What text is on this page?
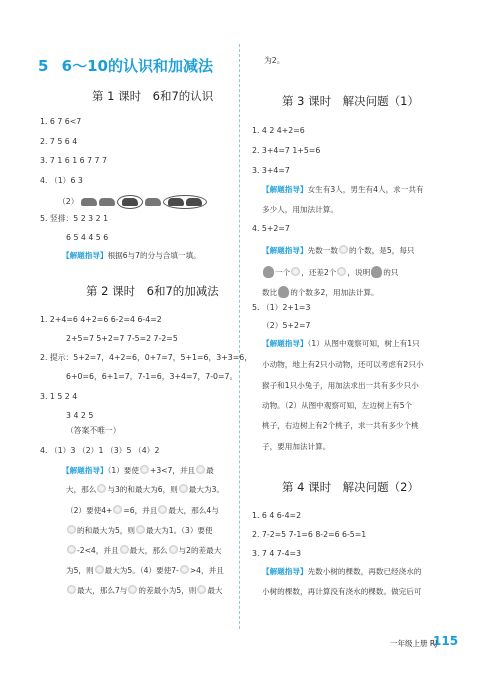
5 6～10的认识和加减法
第 1 课时　6和7的认识
1. 6 7 6<7
2. 7 5 6 4
3. 7 1 6 1 6 7 7 7
4. （1）6 3
（2）
5. 竖排：5 2 3 2 1
6 5 4 4 5 6
【解题指导】根据6与7的分与合填一填。
第 2 课时　6和7的加减法
1. 2+4=6 4+2=6 6-2=4 6-4=2
2+5=7 5+2=7 7-5=2 7-2=5
2. 提示：5+2=7，4+2=6，0+7=7，5+1=6，3+3=6，
6+0=6，6+1=7，7-1=6，3+4=7，7-0=7。
3. 1 5 2 4
3 4 2 5
（答案不唯一）
4. （1）3 （2）1 （3）5 （4）2
【解题指导】（1）要使 +3<7，并且 最
大，那么 与3的和最大为6，则 最大为3。
（2）要使4+ =6，并且 最大，那么4与
的和最大为5，则 最大为1。（3）要使
-2<4，并且 最大，那么 与2的差最大
为5，则 最大为5。（4）要使7- >4，并且
最大，那么7与 的差最小为5，则 最大
为2。
第 3 课时　解决问题（1）
1. 4 2 4+2=6
2. 3+4=7 1+5=6
3. 3+4=7
【解题指导】女生有3人，男生有4人，求一共有
多少人，用加法计算。
4. 5+2=7
【解题指导】先数一数 的个数，是5，每只
一个 ，还差2个 ，说明 的只
数比 的个数多2，用加法计算。
5. （1）2+1=3
（2）5+2=7
【解题指导】（1）从图中观察可知，树上有1只
小动物，地上有2只小动物，还可以考虑有2只小
猴子和1只小兔子，用加法求出一共有多少只小
动物。（2）从图中观察可知，左边树上有5个
桃子，右边树上有2个桃子，求一共有多少个桃
子，要用加法计算。
第 4 课时　解决问题（2）
1. 6 4 6-4=2
2. 7-2=5 7-1=6 8-2=6 6-5=1
3. 7 4 7-4=3
【解题指导】先数小树的棵数，再数已经浇水的
小树的棵数，再计算没有浇水的棵数。做完后可
一年级上册 RJ
115
